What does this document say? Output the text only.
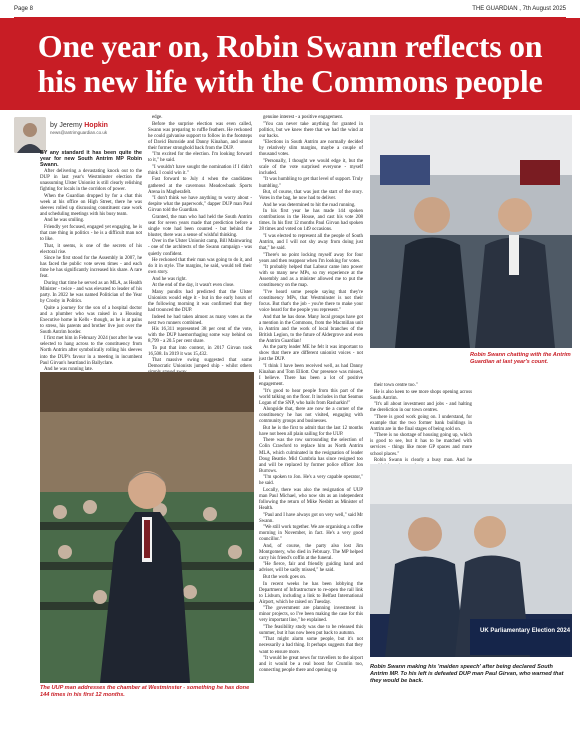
Page 8	THE GUARDIAN , 7th August 2025
One year on, Robin Swann reflects on his new life with the Commons people
by Jeremy Hopkin
news@antrimguardian.co.uk

BY any standard it has been quite the year for new South Antrim MP Robin Swann.

After delivering a devastating knock out to the DUP in last year's Westminster election the unassuming Ulster Unionist is still clearly relishing fighting for locals in the corridors of power.

When the Guardian dropped by for a chat this week at his office on High Street, there he was sleeves rolled up discussing constituent case work and scheduling meetings with his busy team.

And he was smiling.

Friendly yet focused, engaged yet engaging, he is that rare thing in politics - he is a difficult man not to like.

That, it seems, is one of the secrets of his electoral rise.

Since he first stood for the Assembly in 2007, he has faced the public vote seven times - and each time he has significantly increased his share. A rare feat.

During that time he served as an MLA, as Health Minister - twice - and was elevated to leader of his party. In 2022 he was named Politician of the Year by Crosby in Politics.

Quite a journey for the son of a hospital doctor and a plumber who was raised in a Housing Executive home in Kells - though, as he is at pains to stress, his parents and brother live just over the South Antrim border.

I first met him in February 2024 (not after he was selected to hang across to the constituency from North Antrim after symbolically rolling his sleeves into the DUP's favour in a meeting in incumbent Paul Girvan's heartland in Ballyclare.

And he was running late.

edge.

Before the surprise election was even called, Swann was preparing to ruffle feathers. He reckoned he could galvanise support to follow in the footsteps of David Burnside and Danny Kinahan, and unseat their former stronghold back from the DUP.

"I'm excited for the election. I'm looking forward to it," he said.

"I wouldn't have sought the nomination if I didn't think I could win it."

Fast forward to July 4 when the candidates gathered at the cavernous Meadowbank Sports Arena in Magherafelt.

"I don't think we have anything to worry about - despite what the paperwork," dapper DUP man Paul Girvan told the Guardian.

Granted, the man who had held the South Antrim seat for seven years made that prediction before a single vote had been counted - but behind the bluster, there was a sense of wishful thinking.

Over in the Ulster Unionist camp, Bill Mainwaring - one of the architects of the Swann campaign - was quietly confident.

He reckoned that their man was going to do it, and do it in style. The margins, he said, would tell their own story.

And he was right.

At the end of the day, it wasn't even close.

Many pundits had predicted that the Ulster Unionists would edge it - but in the early hours of the following morning it was confirmed that they had trounced the DUP.

Indeed he had taken almost as many votes as the next two runners combined.

His 16,311 represented 38 per cent of the vote, with the DUP haemorrhaging some way behind on 8,799 - a 20.5 per cent share.

To put that into context, in 2017 Girvan took 16,508. In 2019 it was 15,432.

That massive swing suggested that some Democratic Unionists jumped ship - whilst others

genuine interest - a positive engagement.

"You can never take anything for granted in politics, but we knew there that we had the wind at our backs.

"Elections in South Antrim are normally decided by relatively slim margins, maybe a couple of thousand votes.

"Personally, I thought we would edge it, but the scale of the vote surprised everyone - myself included.

"It was humbling to get that level of support. Truly humbling."

But, of course, that was just the start of the story. Votes in the bag, he now had to deliver.

And he was determined to hit the road running.

In his first year he has made 144 spoken contributions in the House, and cast his vote 208 times. In his first 12 months Paul Girvan had spoken 28 times and voted on 149 occasions.

"I was elected to represent all the people of South Antrim, and I will not shy away from doing just that," he said.

"There's no point locking myself away for four years and then reappear when I'm looking for votes.

"It probably helped that Labour came into power with so many new MPs, so my experience at the Assembly and as a minister allowed me to put the constituency on the map.

"I've heard some people saying that they're constituency MPs, that Westminster is not their focus. But that's the job - you're there to make your voice heard for the people you represent."

And that he has done. Many local groups have got a mention in the Commons, from the Macmillan unit in Antrim and the work of local branches of the British Legion, to the future of Aldergrove and even the Antrim Guardian!

As the party leader ME he felt it was important to show that there are different unionist voices - not just the DUP.

"I think I have been received well, as had Danny Kinahan and Tom Elliott. Our presence was missed, I believe. There has been a lot of positive engagement.

"It's good to hear people from this part of the world talking on the floor. It includes in that Seamus Logan of the SNP, who hails from Rasharkin!"

Alongside that, there are now tie a corner of the constituency he has not visited, engaging with community groups and businesses.

But he is the first to admit that the last 12 months have not been all plain sailing for the UUP.

There was the row surrounding the selection of Colin Crawford to replace him as North Antrim MLA, which culminated in the resignation of leader Doug Beattie. Mid Cumbria has since resigned too and will be replaced by former police officer Jon Burrows.

"I'm spoken to Jon. He's a very capable operator," he said.

Locally, there was also the resignation of UUP man Paul Michael, who now sits as an independent following the return of Mike Nesbitt as Minister of Health.

"Paul and I have always got on very well," said Mr Swann.

"We still work together. We are organising a coffee morning in November, in fact. He's a very good councillor."

And, of course, the party also lost Jim Montgomery, who died in February. The MP helped carry his friend's coffin at the funeral.

"He fierce, fair and friendly guiding hand and adviser, will be sadly missed," he said.

But the work goes on.

In recent weeks he has been lobbying the Department of Infrastructure to re-open the rail link to Lisburn, including a link to Belfast International Airport, which he raised on Tuesday.

"The government are planning investment in minor projects, so I've been making the case for this very important line," he explained.

"The feasibility study was due to be released this summer, but it has now been put back to autumn.

"That might alarm some people, but it's not necessarily a bad thing. It perhaps suggests that they want to ensure more.

"It would be great news for travellers to the airport and it would be a real boost for Crumlin too, connecting people there and opening up

their town centre too."

He is also keen to see more shops opening across South Antrim.

"It's all about investment and jobs - and halting the dereliction in our town centres.

"There is good work going on. I understand, for example that the two former bank buildings in Antrim are in the final stages of being sold on.

"There is no shortage of housing going up, which is good to see, but it has to be matched with services - things like more GP spaces and more school places."

Robin Swann is clearly a busy man. And he

The UUP man addresses the chamber at Westminster - something he has done 144 times in his first 12 months.
Robin Swann chatting with the Antrim Guardian at last year's count.
UK Parliamentary Election 2024
Robin Swann making his 'maiden speech' after being declared South Antrim MP. To his left is defeated DUP man Paul Girvan, who warned that they would be back.
